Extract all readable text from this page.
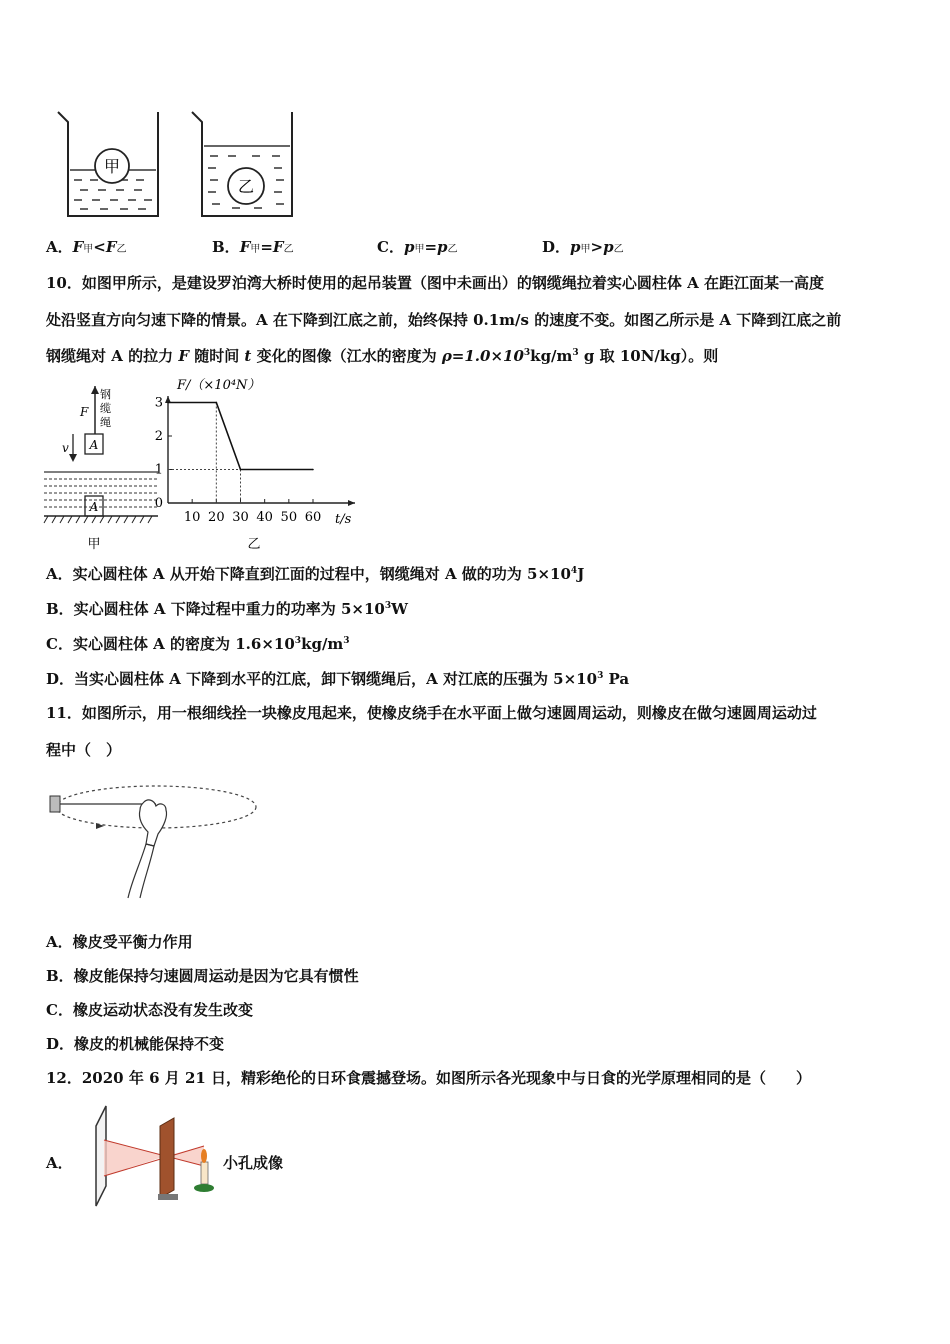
甲
乙
A．F甲<F乙	B．F甲=F乙	C．p甲=p乙	D．p甲>p乙
10．如图甲所示，是建设罗泊湾大桥时使用的起吊装置（图中未画出）的钢缆绳拉着实心圆柱体 A 在距江面某一高度
处沿竖直方向匀速下降的情景。A 在下降到江底之前，始终保持 0.1m/s 的速度不变。如图乙所示是 A 下降到江底之前
钢缆绳对 A 的拉力 F 随时间 t 变化的图像（江水的密度为 $\rho=1.0\times 10^3kg/m^3$ g 取 10N/kg）。则
钢缆绳
F
v A
A
甲
F/（×10⁴N）
t/s
乙
10 20 30 40 50 60
0
1
2
3
A．实心圆柱体 A 从开始下降直到江面的过程中，钢缆绳对 A 做的功为 $5\times 10^4J$
B．实心圆柱体 A 下降过程中重力的功率为 $5\times 10^3W$
C．实心圆柱体 A 的密度为 $1.6\times 10^3kg/m^3$
D．当实心圆柱体 A 下降到水平的江底，卸下钢缆绳后，A 对江底的压强为 $5\times 10^3$ Pa
11．如图所示，用一根细线拴一块橡皮甩起来，使橡皮绕手在水平面上做匀速圆周运动，则橡皮在做匀速圆周运动过
程中（　）
A．橡皮受平衡力作用
B．橡皮能保持匀速圆周运动是因为它具有惯性
C．橡皮运动状态没有发生改变
D．橡皮的机械能保持不变
12．2020 年 6 月 21 日，精彩绝伦的日环食震撼登场。如图所示各光现象中与日食的光学原理相同的是（　　）
A．	小孔成像
